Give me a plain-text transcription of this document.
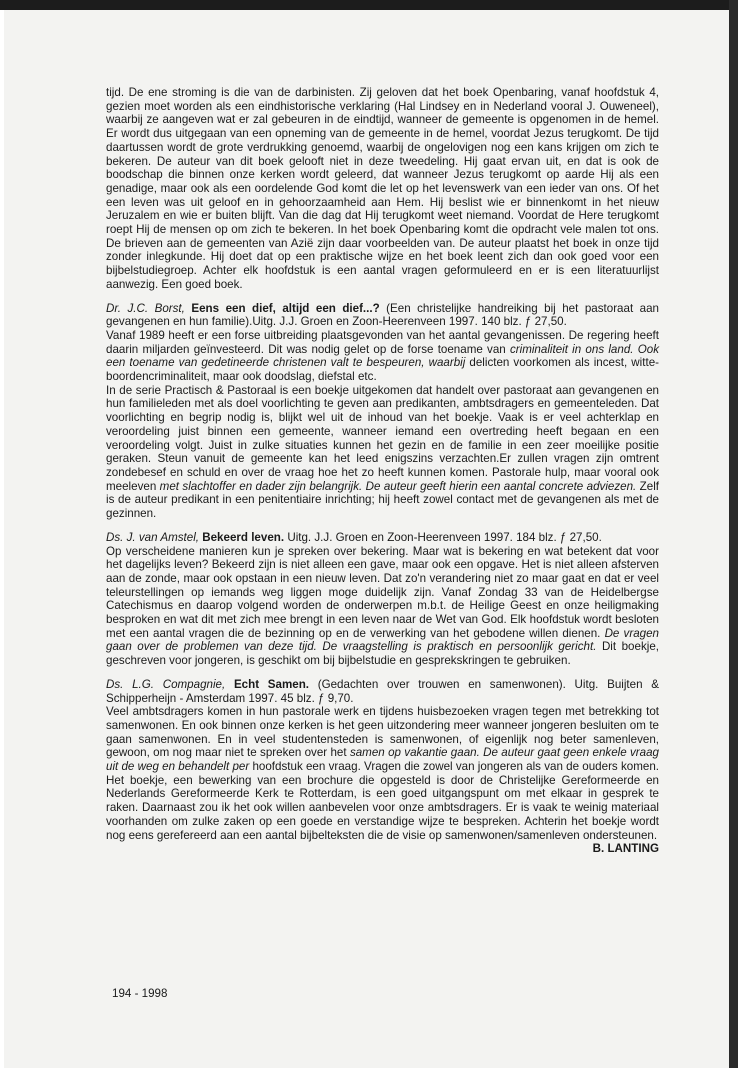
tijd. De ene stroming is die van de darbinisten. Zij geloven dat het boek Openbaring, vanaf hoofdstuk 4, gezien moet worden als een eindhistorische verklaring (Hal Lindsey en in Nederland vooral J. Ouweneel), waarbij ze aangeven wat er zal gebeuren in de eindtijd, wanneer de gemeente is opgenomen in de hemel. Er wordt dus uitgegaan van een opneming van de gemeente in de hemel, voordat Jezus terugkomt. De tijd daartussen wordt de grote verdrukking genoemd, waarbij de ongelovigen nog een kans krijgen om zich te bekeren. De auteur van dit boek gelooft niet in deze tweedeling. Hij gaat ervan uit, en dat is ook de boodschap die binnen onze kerken wordt geleerd, dat wanneer Jezus terugkomt op aarde Hij als een genadige, maar ook als een oordelende God komt die let op het levenswerk van een ieder van ons. Of het een leven was uit geloof en in gehoorzaamheid aan Hem. Hij beslist wie er binnenkomt in het nieuw Jeruzalem en wie er buiten blijft. Van die dag dat Hij terugkomt weet niemand. Voordat de Here terugkomt roept Hij de mensen op om zich te bekeren. In het boek Openbaring komt die opdracht vele malen tot ons. De brieven aan de gemeenten van Azië zijn daar voorbeelden van. De auteur plaatst het boek in onze tijd zonder inlegkunde. Hij doet dat op een praktische wijze en het boek leent zich dan ook goed voor een bijbelstudiegroep. Achter elk hoofdstuk is een aantal vragen geformuleerd en er is een literatuurlijst aanwezig. Een goed boek.

Dr. J.C. Borst, Eens een dief, altijd een dief...? (Een christelijke handreiking bij het pastoraat aan gevangenen en hun familie).Uitg. J.J. Groen en Zoon-Heerenveen 1997. 140 blz. ƒ 27,50.

Vanaf 1989 heeft er een forse uitbreiding plaatsgevonden van het aantal gevangenissen. De regering heeft daarin miljarden geïnvesteerd. Dit was nodig gelet op de forse toename van criminaliteit in ons land. Ook een toename van gedetineerde christenen valt te bespeuren, waarbij delicten voorkomen als incest, witte-boordencriminaliteit, maar ook doodslag, diefstal etc.

In de serie Practisch & Pastoraal is een boekje uitgekomen dat handelt over pastoraat aan gevangenen en hun familieleden met als doel voorlichting te geven aan predikanten, ambtsdragers en gemeenteleden. Dat voorlichting en begrip nodig is, blijkt wel uit de inhoud van het boekje. Vaak is er veel achterklap en veroordeling juist binnen een gemeente, wanneer iemand een overtreding heeft begaan en een veroordeling volgt. Juist in zulke situaties kunnen het gezin en de familie in een zeer moeilijke positie geraken. Steun vanuit de gemeente kan het leed enigszins verzachten.Er zullen vragen zijn omtrent zondebesef en schuld en over de vraag hoe het zo heeft kunnen komen. Pastorale hulp, maar vooral ook meeleven met slachtoffer en dader zijn belangrijk. De auteur geeft hierin een aantal concrete adviezen. Zelf is de auteur predikant in een penitentiaire inrichting; hij heeft zowel contact met de gevangenen als met de gezinnen.

Ds. J. van Amstel, Bekeerd leven. Uitg. J.J. Groen en Zoon-Heerenveen 1997. 184 blz. ƒ 27,50.

Op verscheidene manieren kun je spreken over bekering. Maar wat is bekering en wat betekent dat voor het dagelijks leven? Bekeerd zijn is niet alleen een gave, maar ook een opgave. Het is niet alleen afsterven aan de zonde, maar ook opstaan in een nieuw leven. Dat zo'n verandering niet zo maar gaat en dat er veel teleurstellingen op iemands weg liggen moge duidelijk zijn. Vanaf Zondag 33 van de Heidelbergse Catechismus en daarop volgend worden de onderwerpen m.b.t. de Heilige Geest en onze heiligmaking besproken en wat dit met zich mee brengt in een leven naar de Wet van God. Elk hoofdstuk wordt besloten met een aantal vragen die de bezinning op en de verwerking van het gebodene willen dienen. De vragen gaan over de problemen van deze tijd. De vraagstelling is praktisch en persoonlijk gericht. Dit boekje, geschreven voor jongeren, is geschikt om bij bijbelstudie en gesprekskringen te gebruiken.

Ds. L.G. Compagnie, Echt Samen. (Gedachten over trouwen en samenwonen). Uitg. Buijten & Schipperheijn - Amsterdam 1997. 45 blz. ƒ 9,70.

Veel ambtsdragers komen in hun pastorale werk en tijdens huisbezoeken vragen tegen met betrekking tot samenwonen. En ook binnen onze kerken is het geen uitzondering meer wanneer jongeren besluiten om te gaan samenwonen. En in veel studentensteden is samenwonen, of eigenlijk nog beter samenleven, gewoon, om nog maar niet te spreken over het samen op vakantie gaan. De auteur gaat geen enkele vraag uit de weg en behandelt per hoofdstuk een vraag. Vragen die zowel van jongeren als van de ouders komen. Het boekje, een bewerking van een brochure die opgesteld is door de Christelijke Gereformeerde en Nederlands Gereformeerde Kerk te Rotterdam, is een goed uitgangspunt om met elkaar in gesprek te raken. Daarnaast zou ik het ook willen aanbevelen voor onze ambtsdragers. Er is vaak te weinig materiaal voorhanden om zulke zaken op een goede en verstandige wijze te bespreken. Achterin het boekje wordt nog eens gerefereerd aan een aantal bijbelteksten die de visie op samenwonen/samenleven ondersteunen.

B. LANTING

194 - 1998
